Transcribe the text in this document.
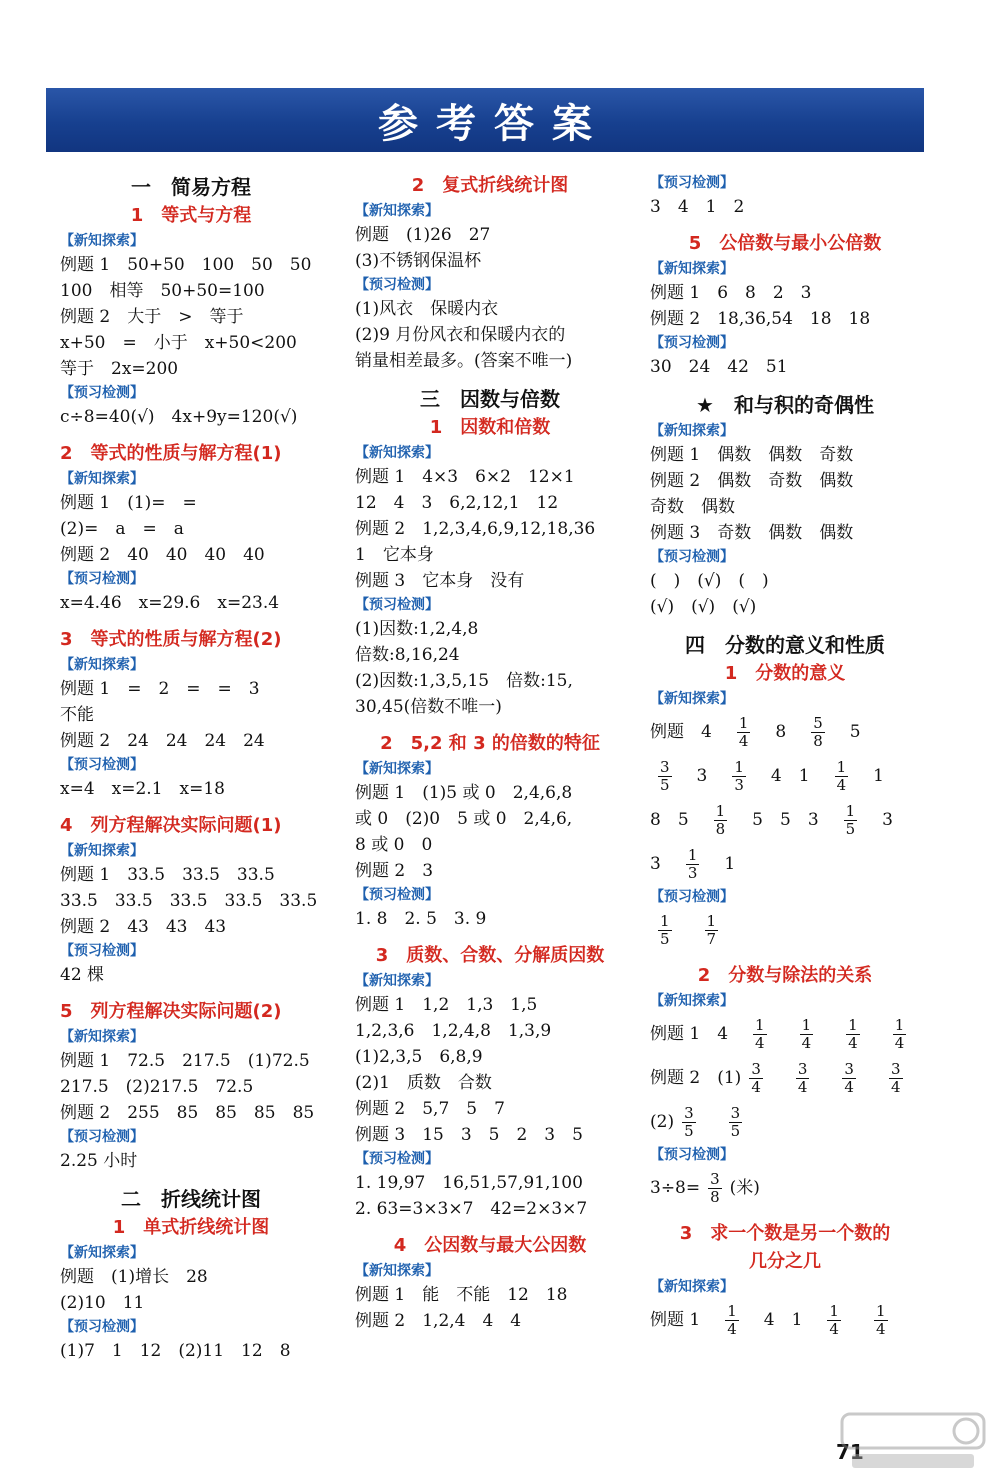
参考答案
一　简易方程
1　等式与方程
【新知探索】
例题 1　50+50　100　50　50
100　相等　50+50=100
例题 2　大于　>　等于
x+50　=　小于　x+50<200
等于　2x=200
【预习检测】
c÷8=40(√)　4x+9y=120(√)
2　等式的性质与解方程(1)
【新知探索】
例题 1　(1)=　=
(2)=　a　=　a
例题 2　40　40　40　40
【预习检测】
x=4.46　x=29.6　x=23.4
3　等式的性质与解方程(2)
【新知探索】
例题 1　=　2　=　=　3
不能
例题 2　24　24　24　24
【预习检测】
x=4　x=2.1　x=18
4　列方程解决实际问题(1)
【新知探索】
例题 1　33.5　33.5　33.5
33.5　33.5　33.5　33.5　33.5
例题 2　43　43　43
【预习检测】
42 棵
5　列方程解决实际问题(2)
【新知探索】
例题 1　72.5　217.5　(1)72.5
217.5　(2)217.5　72.5
例题 2　255　85　85　85　85
【预习检测】
2.25 小时
二　折线统计图
1　单式折线统计图
【新知探索】
例题　(1)增长　28
(2)10　11
【预习检测】
(1)7　1　12　(2)11　12　8
2　复式折线统计图
【新知探索】
例题　(1)26　27
(3)不锈钢保温杯
【预习检测】
(1)风衣　保暖内衣
(2)9 月份风衣和保暖内衣的
销量相差最多。(答案不唯一)
三　因数与倍数
1　因数和倍数
【新知探索】
例题 1　4×3　6×2　12×1
12　4　3　6,2,12,1　12
例题 2　1,2,3,4,6,9,12,18,36
1　它本身
例题 3　它本身　没有
【预习检测】
(1)因数:1,2,4,8
倍数:8,16,24
(2)因数:1,3,5,15　倍数:15,
30,45(倍数不唯一)
2　5,2 和 3 的倍数的特征
【新知探索】
例题 1　(1)5 或 0　2,4,6,8
或 0　(2)0　5 或 0　2,4,6,
8 或 0　0
例题 2　3
【预习检测】
1. 8　2. 5　3. 9
3　质数、合数、分解质因数
【新知探索】
例题 1　1,2　1,3　1,5
1,2,3,6　1,2,4,8　1,3,9
(1)2,3,5　6,8,9
(2)1　质数　合数
例题 2　5,7　5　7
例题 3　15　3　5　2　3　5
【预习检测】
1. 19,97　16,51,57,91,100
2. 63=3×3×7　42=2×3×7
4　公因数与最大公因数
【新知探索】
例题 1　能　不能　12　18
例题 2　1,2,4　4　4
【预习检测】
3　4　1　2
5　公倍数与最小公倍数
【新知探索】
例题 1　6　8　2　3
例题 2　18,36,54　18　18
【预习检测】
30　24　42　51
★　和与积的奇偶性
【新知探索】
例题 1　偶数　偶数　奇数
例题 2　偶数　奇数　偶数
奇数　偶数
例题 3　奇数　偶数　偶数
【预习检测】
(　)　(√)　(　)
(√)　(√)　(√)
四　分数的意义和性质
1　分数的意义
【新知探索】
例题　4　 $\frac{1}{4}$ 　8　 $\frac{5}{8}$ 　5
$\frac{3}{5}$ 　3　 $\frac{1}{3}$ 　4　1　 $\frac{1}{4}$ 　1
8　5　 $\frac{1}{8}$ 　5　5　3　 $\frac{1}{5}$ 　3
3　 $\frac{1}{3}$ 　1
【预习检测】
$\frac{1}{5}$
　 $\frac{1}{7}$
2　分数与除法的关系
【新知探索】
例题 1　4　 $\frac{1}{4}$
　 $\frac{1}{4}$
　 $\frac{1}{4}$
　 $\frac{1}{4}$
例题 2　$(1) \frac{3}{4}$
　 $\frac{3}{4}$
　 $\frac{3}{4}$
　 $\frac{3}{4}$
$(2) \frac{3}{5}$
　 $\frac{3}{5}$
【预习检测】
$3\div 8= \frac{3}{8}$ (米)
3　求一个数是另一个数的
几分之几
【新知探索】
例题 1　 $\frac{1}{4}$ 　4　1　 $\frac{1}{4}$
　 $\frac{1}{4}$
71
